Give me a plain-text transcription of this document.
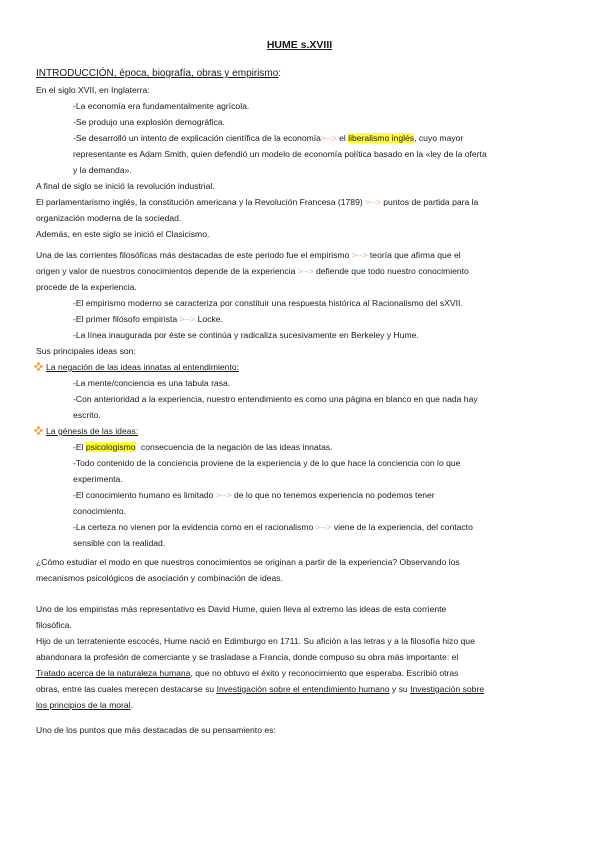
HUME s.XVIII
INTRODUCCIÓN, época, biografía, obras y empirismo:
En el siglo XVII, en Inglaterra:
-La economía era fundamentalmente agrícola.
-Se produjo una explosión demográfica.
-Se desarrolló un intento de explicación científica de la economía>--> el liberalismo inglés, cuyo mayor
representante es Adam Smith, quien defendió un modelo de economía política basado en la «ley de la oferta
y la demanda».
A final de siglo se inició la revolución industrial.
El parlamentarismo inglés, la constitución americana y la Revolución Francesa (1789) >--> puntos de partida para la
organización moderna de la sociedad.
Además, en este siglo se inició el Clasicismo.
Una de las corrientes filosóficas más destacadas de este periodo fue el empirismo >--> teoría que afirma que el
origen y valor de nuestros conocimientos depende de la experiencia >--> defiende que todo nuestro conocimiento
procede de la experiencia.
-El empirismo moderno se caracteriza por constituir una respuesta histórica al Racionalismo del sXVII.
-El primer filósofo empirista >--> Locke.
-La línea inaugurada por éste se continúa y radicaliza sucesivamente en Berkeley y Hume.
Sus principales ideas son:
La negación de las ideas innatas al entendimiento:
-La mente/conciencia es una tabula rasa.
-Con anterioridad a la experiencia, nuestro entendimiento es como una página en blanco en que nada hay
escrito.
La génesis de las ideas:
-El psicologismo consecuencia de la negación de las ideas innatas.
-Todo contenido de la conciencia proviene de la experiencia y de lo que hace la conciencia con lo que
experimenta.
-El conocimiento humano es limitado >--> de lo que no tenemos experiencia no podemos tener
conocimiento.
-La certeza no vienen por la evidencia como en el racionalismo >--> viene de la experiencia, del contacto
sensible con la realidad.
¿Cómo estudiar el modo en que nuestros conocimientos se originan a partir de la experiencia? Observando los
mecanismos psicológicos de asociación y combinación de ideas.
Uno de los empiristas más representativo es David Hume, quien lleva al extremo las ideas de esta corriente
filosófica.
Hijo de un terrateniente escocés, Hume nació en Edimburgo en 1711. Su afición a las letras y a la filosofía hizo que
abandonara la profesión de comerciante y se trasladase a Francia, donde compuso su obra más importante: el
Tratado acerca de la naturaleza humana, que no obtuvo el éxito y reconocimiento que esperaba. Escribió otras
obras, entre las cuales merecen destacarse su Investigación sobre el entendimiento humano y su Investigación sobre
los principios de la moral.
Uno de los puntos que más destacadas de su pensamiento es:
